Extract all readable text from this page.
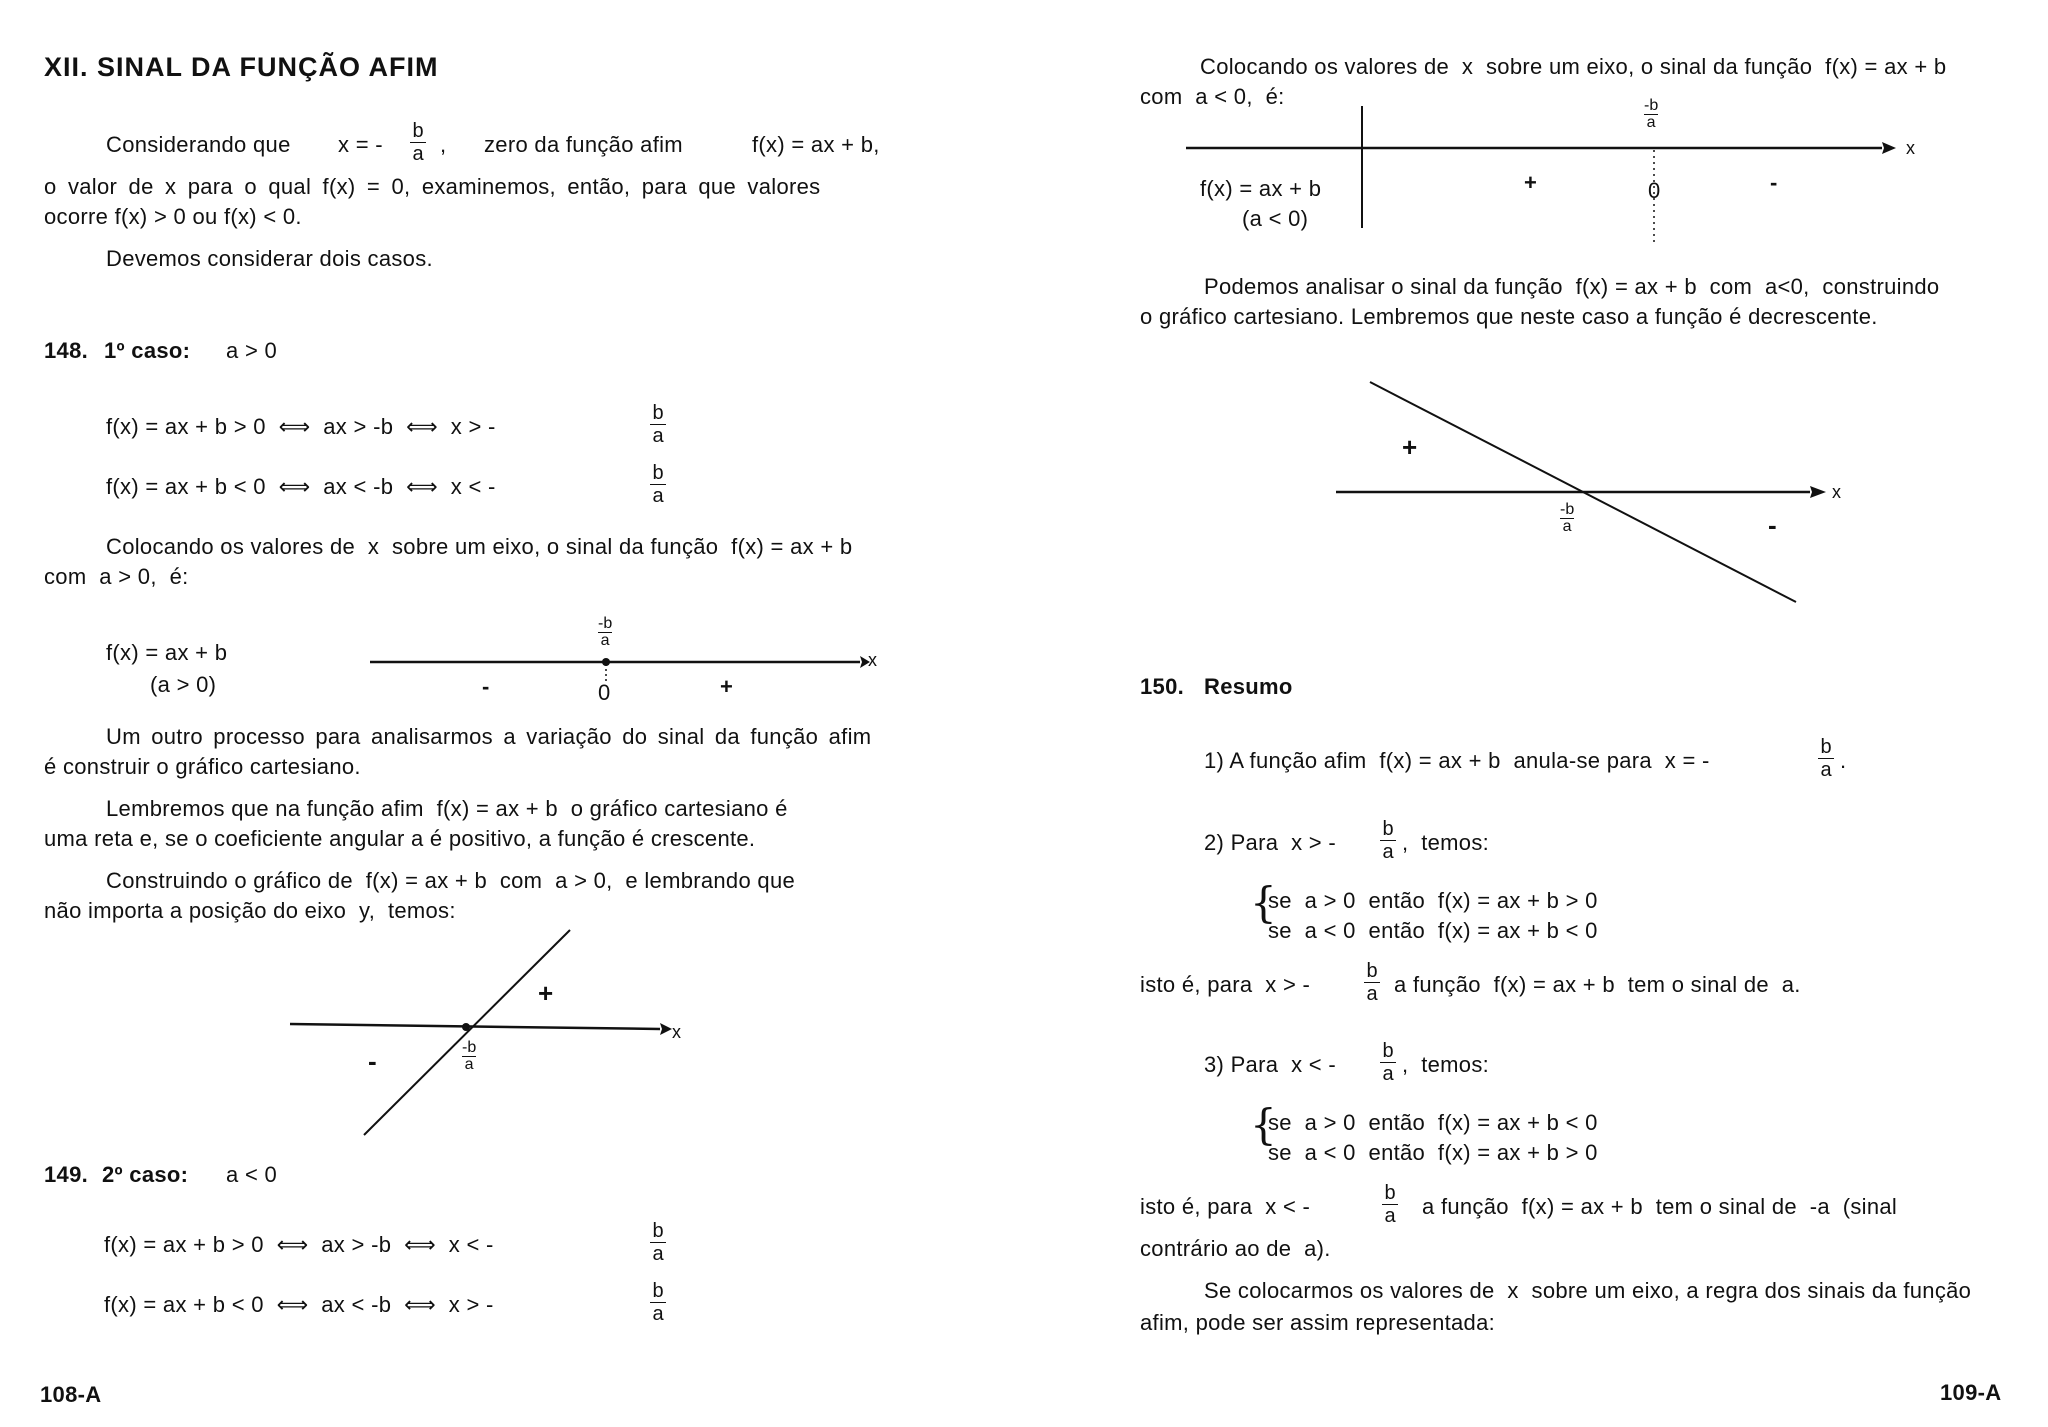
XII. SINAL DA FUNÇÃO AFIM
Considerando que x = -
b
a , zero da função afim	f(x) = ax + b,
o valor de x para o qual f(x) = 0, examinemos, então, para que valores
ocorre f(x) > 0 ou f(x) < 0.
Devemos considerar dois casos.
148. 1º caso: a > 0
f(x) = ax + b > 0  ⟺  ax > -b  ⟺  x > -
b
a
f(x) = ax + b < 0  ⟺  ax < -b  ⟺  x < -
b
a
Colocando os valores de  x  sobre um eixo, o sinal da função  f(x) = ax + b
com  a > 0,  é:
f(x) = ax + b
(a > 0)
-b
a
-	0	+
x
Um outro processo para analisarmos a variação do sinal da função afim
é construir o gráfico cartesiano.
Lembremos que na função afim  f(x) = ax + b  o gráfico cartesiano é
uma reta e, se o coeficiente angular a é positivo, a função é crescente.
Construindo o gráfico de  f(x) = ax + b  com  a > 0,  e lembrando que
não importa a posição do eixo  y,  temos:
+
-
x
-b
a
149. 2º caso: a < 0
f(x) = ax + b > 0  ⟺  ax > -b  ⟺  x < -
b
a
f(x) = ax + b < 0  ⟺  ax < -b  ⟺  x > -
b
a
108-A
Colocando os valores de  x  sobre um eixo, o sinal da função  f(x) = ax + b
com  a < 0,  é:	-b
a
x
f(x) = ax + b
(a < 0)
+	0	-
Podemos analisar o sinal da função  f(x) = ax + b  com  a<0,  construindo
o gráfico cartesiano. Lembremos que neste caso a função é decrescente.
+
-
x
-b
a
150. Resumo
1) A função afim  f(x) = ax + b  anula-se para  x = -
b
a .
2) Para  x > -
b
a ,  temos:
{
se  a > 0  então  f(x) = ax + b > 0
se  a < 0  então  f(x) = ax + b < 0
isto é, para  x > -
b
a a função  f(x) = ax + b  tem o sinal de  a.
3) Para  x < -
b
a ,  temos:
{
se  a > 0  então  f(x) = ax + b < 0
se  a < 0  então  f(x) = ax + b > 0
isto é, para  x < -
b
a a função  f(x) = ax + b  tem o sinal de  -a  (sinal
contrário ao de  a).
Se colocarmos os valores de  x  sobre um eixo, a regra dos sinais da função
afim, pode ser assim representada:
109-A
